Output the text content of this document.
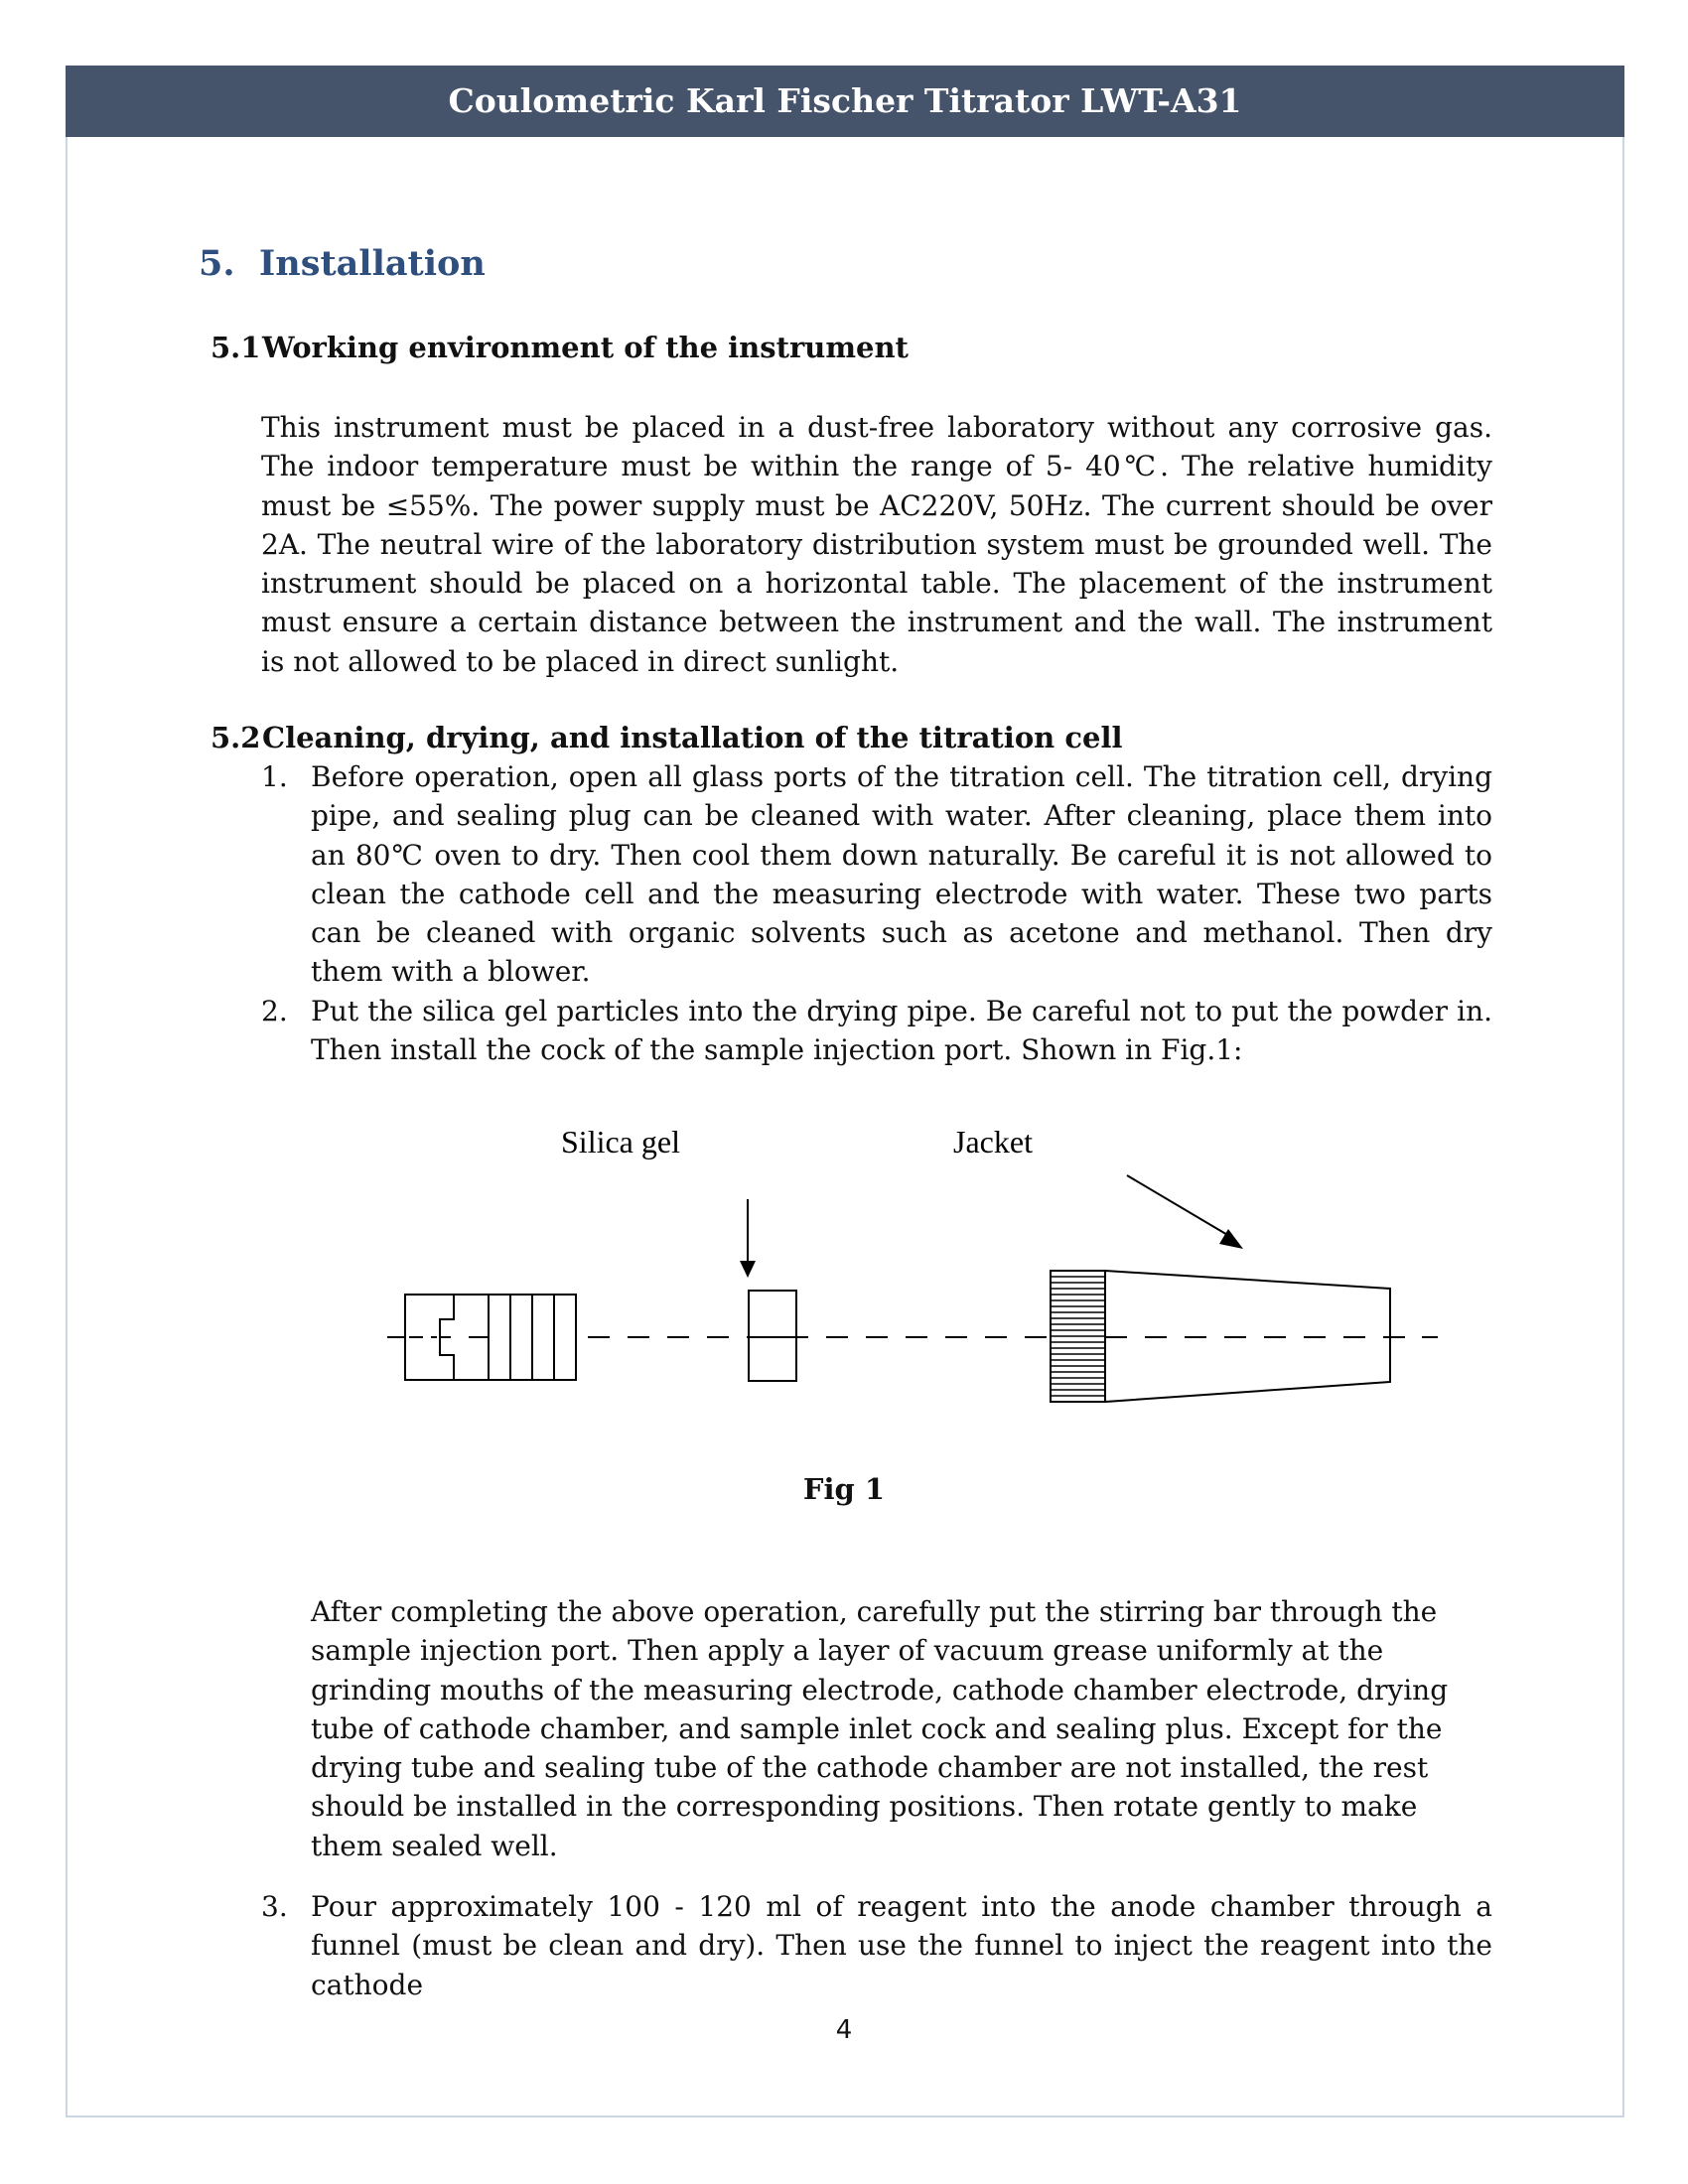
Coulometric Karl Fischer Titrator LWT-A31
5. Installation
5.1Working environment of the instrument
This instrument must be placed in a dust-free laboratory without any corrosive gas. The indoor temperature must be within the range of 5- 40℃. The relative humidity must be ≤55%. The power supply must be AC220V, 50Hz. The current should be over 2A. The neutral wire of the laboratory distribution system must be grounded well. The instrument should be placed on a horizontal table. The placement of the instrument must ensure a certain distance between the instrument and the wall. The instrument is not allowed to be placed in direct sunlight.
5.2Cleaning, drying, and installation of the titration cell
1. Before operation, open all glass ports of the titration cell. The titration cell, drying pipe, and sealing plug can be cleaned with water. After cleaning, place them into an 80℃ oven to dry. Then cool them down naturally. Be careful it is not allowed to clean the cathode cell and the measuring electrode with water. These two parts can be cleaned with organic solvents such as acetone and methanol. Then dry them with a blower.
2. Put the silica gel particles into the drying pipe. Be careful not to put the powder in. Then install the cock of the sample injection port. Shown in Fig.1:
Silica gel	Jacket
Fig 1
After completing the above operation, carefully put the stirring bar through the sample injection port. Then apply a layer of vacuum grease uniformly at the grinding mouths of the measuring electrode, cathode chamber electrode, drying tube of cathode chamber, and sample inlet cock and sealing plus. Except for the drying tube and sealing tube of the cathode chamber are not installed, the rest should be installed in the corresponding positions. Then rotate gently to make them sealed well.
3. Pour approximately 100 - 120 ml of reagent into the anode chamber through a funnel (must be clean and dry). Then use the funnel to inject the reagent into the cathode
4
